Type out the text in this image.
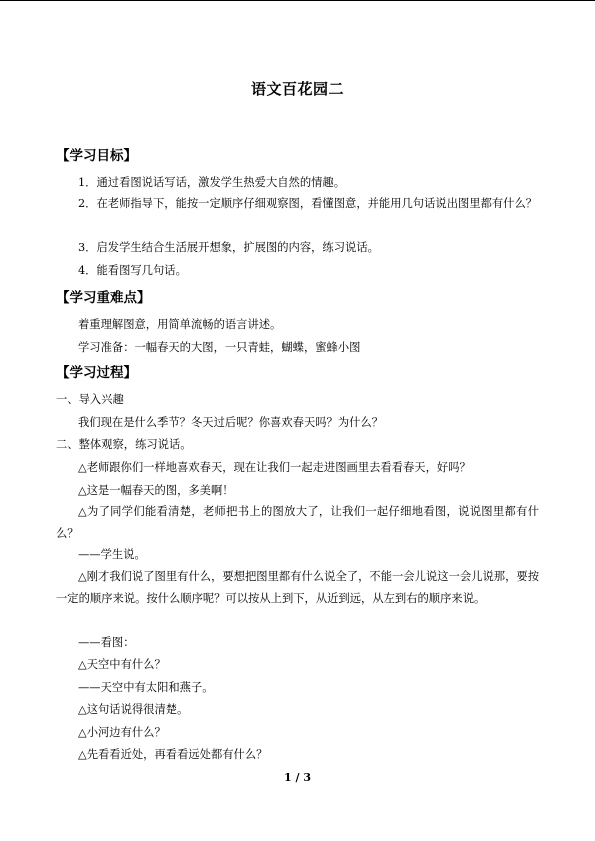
语文百花园二
【学习目标】
1．通过看图说话写话，激发学生热爱大自然的情趣。
2．在老师指导下，能按一定顺序仔细观察图，看懂图意，并能用几句话说出图里都有什么？
3．启发学生结合生活展开想象，扩展图的内容，练习说话。
4．能看图写几句话。
【学习重难点】
着重理解图意，用简单流畅的语言讲述。
学习准备：一幅春天的大图，一只青蛙，蝴蝶，蜜蜂小图
【学习过程】
一、导入兴趣
我们现在是什么季节？冬天过后呢？你喜欢春天吗？为什么？
二、整体观察，练习说话。
△老师跟你们一样地喜欢春天，现在让我们一起走进图画里去看看春天，好吗？
△这是一幅春天的图，多美啊！
△为了同学们能看清楚，老师把书上的图放大了，让我们一起仔细地看图，说说图里都有什么？
——学生说。
△刚才我们说了图里有什么，要想把图里都有什么说全了，不能一会儿说这一会儿说那，要按一定的顺序来说。按什么顺序呢？可以按从上到下，从近到远，从左到右的顺序来说。
——看图：
△天空中有什么？
——天空中有太阳和燕子。
△这句话说得很清楚。
△小河边有什么？
△先看看近处，再看看远处都有什么？
1 / 3
